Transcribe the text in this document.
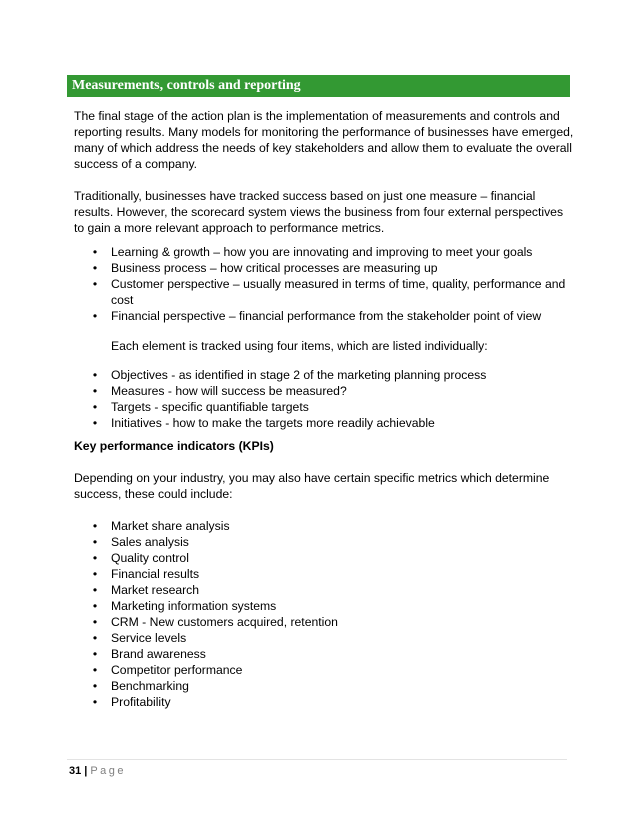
Measurements, controls and reporting

The final stage of the action plan is the implementation of measurements and controls and reporting results. Many models for monitoring the performance of businesses have emerged, many of which address the needs of key stakeholders and allow them to evaluate the overall success of a company.

Traditionally, businesses have tracked success based on just one measure – financial results. However, the scorecard system views the business from four external perspectives to gain a more relevant approach to performance metrics.

• Learning & growth – how you are innovating and improving to meet your goals
• Business process – how critical processes are measuring up
• Customer perspective – usually measured in terms of time, quality, performance and cost
• Financial perspective – financial performance from the stakeholder point of view

Each element is tracked using four items, which are listed individually:

• Objectives - as identified in stage 2 of the marketing planning process
• Measures - how will success be measured?
• Targets - specific quantifiable targets
• Initiatives - how to make the targets more readily achievable

Key performance indicators (KPIs)

Depending on your industry, you may also have certain specific metrics which determine success, these could include:

• Market share analysis
• Sales analysis
• Quality control
• Financial results
• Market research
• Marketing information systems
• CRM - New customers acquired, retention
• Service levels
• Brand awareness
• Competitor performance
• Benchmarking
• Profitability
31 | Page
